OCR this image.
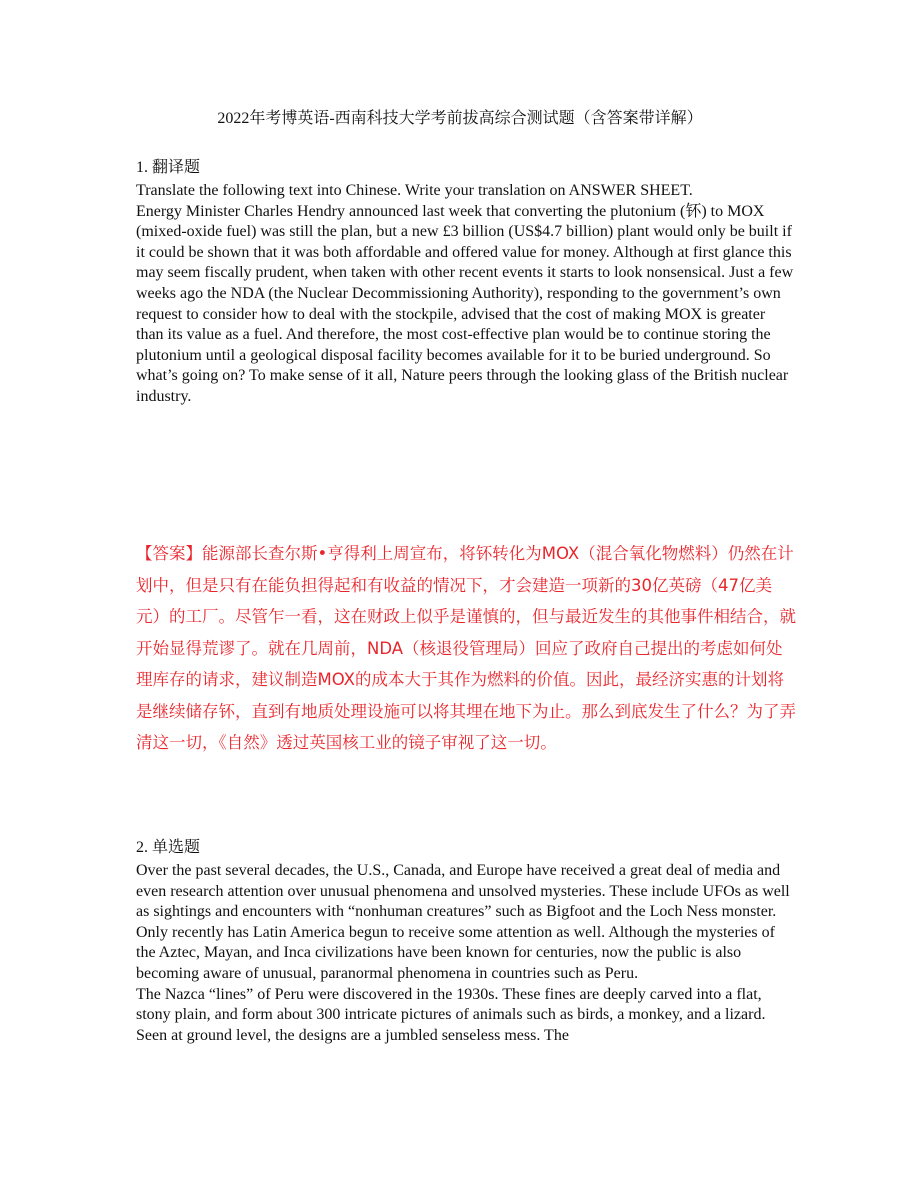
2022年考博英语-西南科技大学考前拔高综合测试题（含答案带详解）
1. 翻译题

Translate the following text into Chinese. Write your translation on ANSWER SHEET.

Energy Minister Charles Hendry announced last week that converting the plutonium (钚) to MOX (mixed-oxide fuel) was still the plan, but a new £3 billion (US$4.7 billion) plant would only be built if it could be shown that it was both affordable and offered value for money. Although at first glance this may seem fiscally prudent, when taken with other recent events it starts to look nonsensical. Just a few weeks ago the NDA (the Nuclear Decommissioning Authority), responding to the government’s own request to consider how to deal with the stockpile, advised that the cost of making MOX is greater than its value as a fuel. And therefore, the most cost-effective plan would be to continue storing the plutonium until a geological disposal facility becomes available for it to be buried underground. So what’s going on? To make sense of it all, Nature peers through the looking glass of the British nuclear industry.

【答案】能源部长查尔斯•亨得利上周宣布，将钚转化为MOX（混合氧化物燃料）仍然在计划中，但是只有在能负担得起和有收益的情况下，才会建造一项新的30亿英磅（47亿美元）的工厂。尽管乍一看，这在财政上似乎是谨慎的，但与最近发生的其他事件相结合，就开始显得荒谬了。就在几周前，NDA（核退役管理局）回应了政府自己提出的考虑如何处理库存的请求，建议制造MOX的成本大于其作为燃料的价值。因此，最经济实惠的计划将是继续储存钚，直到有地质处理设施可以将其埋在地下为止。那么到底发生了什么？为了弄清这一切，《自然》透过英国核工业的镜子审视了这一切。
2. 单选题

Over the past several decades, the U.S., Canada, and Europe have received a great deal of media and even research attention over unusual phenomena and unsolved mysteries. These include UFOs as well as sightings and encounters with “nonhuman creatures” such as Bigfoot and the Loch Ness monster. Only recently has Latin America begun to receive some attention as well. Although the mysteries of the Aztec, Mayan, and Inca civilizations have been known for centuries, now the public is also becoming aware of unusual, paranormal phenomena in countries such as Peru.

The Nazca “lines” of Peru were discovered in the 1930s. These fines are deeply carved into a flat, stony plain, and form about 300 intricate pictures of animals such as birds, a monkey, and a lizard. Seen at ground level, the designs are a jumbled senseless mess. The
